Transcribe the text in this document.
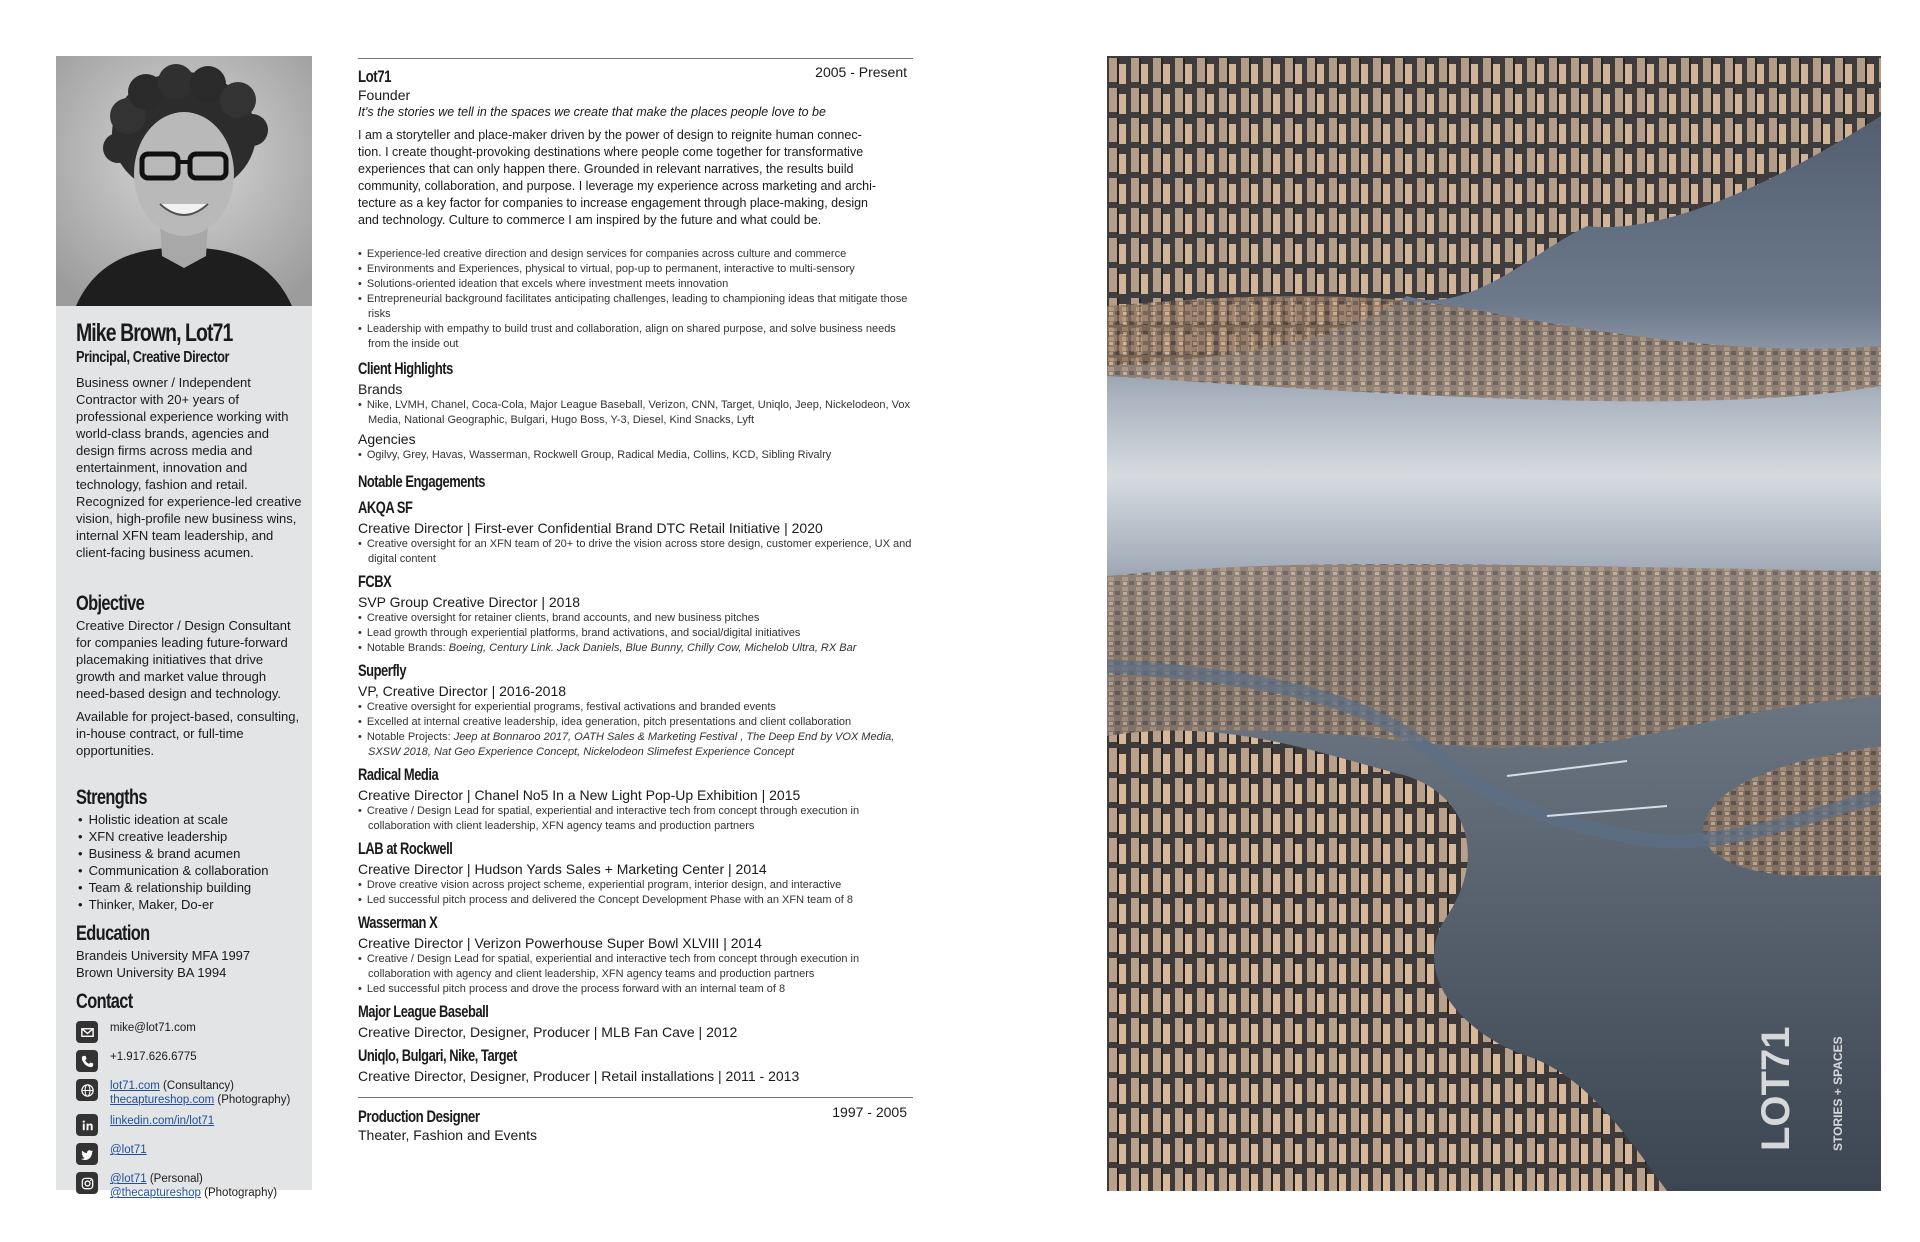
Mike Brown, Lot71
Principal, Creative Director

Business owner / Independent Contractor with 20+ years of professional experience working with world-class brands, agencies and design firms across media and entertainment, innovation and technology, fashion and retail. Recognized for experience-led creative vision, high-profile new business wins, internal XFN team leadership, and client-facing business acumen.

Objective

Creative Director / Design Consultant for companies leading future-forward placemaking initiatives that drive growth and market value through need-based design and technology.

Available for project-based, consulting, in-house contract, or full-time opportunities.

Strengths
• Holistic ideation at scale
• XFN creative leadership
• Business & brand acumen
• Communication & collaboration
• Team & relationship building
• Thinker, Maker, Do-er
Education
Brandeis University MFA 1997
Brown University BA 1994
Contact
mike@lot71.com
+1.917.626.6775
lot71.com (Consultancy)
thecaptureshop.com (Photography)
linkedin.com/in/lot71
@lot71
@lot71 (Personal)
@thecaptureshop (Photography)
2005 - Present
Lot71
Founder
It's the stories we tell in the spaces we create that make the places people love to be
I am a storyteller and place-maker driven by the power of design to reignite human connec-
tion. I create thought-provoking destinations where people come together for transformative
experiences that can only happen there. Grounded in relevant narratives, the results build
community, collaboration, and purpose. I leverage my experience across marketing and archi-
tecture as a key factor for companies to increase engagement through place-making, design
and technology. Culture to commerce I am inspired by the future and what could be.
• Experience-led creative direction and design services for companies across culture and commerce
• Environments and Experiences, physical to virtual, pop-up to permanent, interactive to multi-sensory
• Solutions-oriented ideation that excels where investment meets innovation
• Entrepreneurial background facilitates anticipating challenges, leading to championing ideas that mitigate those risks
• Leadership with empathy to build trust and collaboration, align on shared purpose, and solve business needs from the inside out
Client Highlights
Brands
• Nike, LVMH, Chanel, Coca-Cola, Major League Baseball, Verizon, CNN, Target, Uniqlo, Jeep, Nickelodeon, Vox Media, National Geographic, Bulgari, Hugo Boss, Y-3, Diesel, Kind Snacks, Lyft
Agencies
• Ogilvy, Grey, Havas, Wasserman, Rockwell Group, Radical Media, Collins, KCD, Sibling Rivalry
Notable Engagements
AKQA SF
Creative Director | First-ever Confidential Brand DTC Retail Initiative | 2020
• Creative oversight for an XFN team of 20+ to drive the vision across store design, customer experience, UX and digital content
FCBX
SVP Group Creative Director | 2018
• Creative oversight for retainer clients, brand accounts, and new business pitches
• Lead growth through experiential platforms, brand activations, and social/digital initiatives
• Notable Brands: Boeing, Century Link. Jack Daniels, Blue Bunny, Chilly Cow, Michelob Ultra, RX Bar
Superfly
VP, Creative Director | 2016-2018
• Creative oversight for experiential programs, festival activations and branded events
• Excelled at internal creative leadership, idea generation, pitch presentations and client collaboration
• Notable Projects: Jeep at Bonnaroo 2017, OATH Sales & Marketing Festival , The Deep End by VOX Media, SXSW 2018, Nat Geo Experience Concept, Nickelodeon Slimefest Experience Concept
Radical Media
Creative Director | Chanel No5 In a New Light Pop-Up Exhibition | 2015
• Creative / Design Lead for spatial, experiential and interactive tech from concept through execution in collaboration with client leadership, XFN agency teams and production partners
LAB at Rockwell
Creative Director | Hudson Yards Sales + Marketing Center | 2014
• Drove creative vision across project scheme, experiential program, interior design, and interactive
• Led successful pitch process and delivered the Concept Development Phase with an XFN team of 8
Wasserman X
Creative Director | Verizon Powerhouse Super Bowl XLVIII | 2014
• Creative / Design Lead for spatial, experiential and interactive tech from concept through execution in collaboration with agency and client leadership, XFN agency teams and production partners
• Led successful pitch process and drove the process forward with an internal team of 8
Major League Baseball
Creative Director, Designer, Producer | MLB Fan Cave | 2012
Uniqlo, Bulgari, Nike, Target
Creative Director, Designer, Producer | Retail installations | 2011 - 2013
1997 - 2005
Production Designer
Theater, Fashion and Events	LOT71	STORIES + SPACES
